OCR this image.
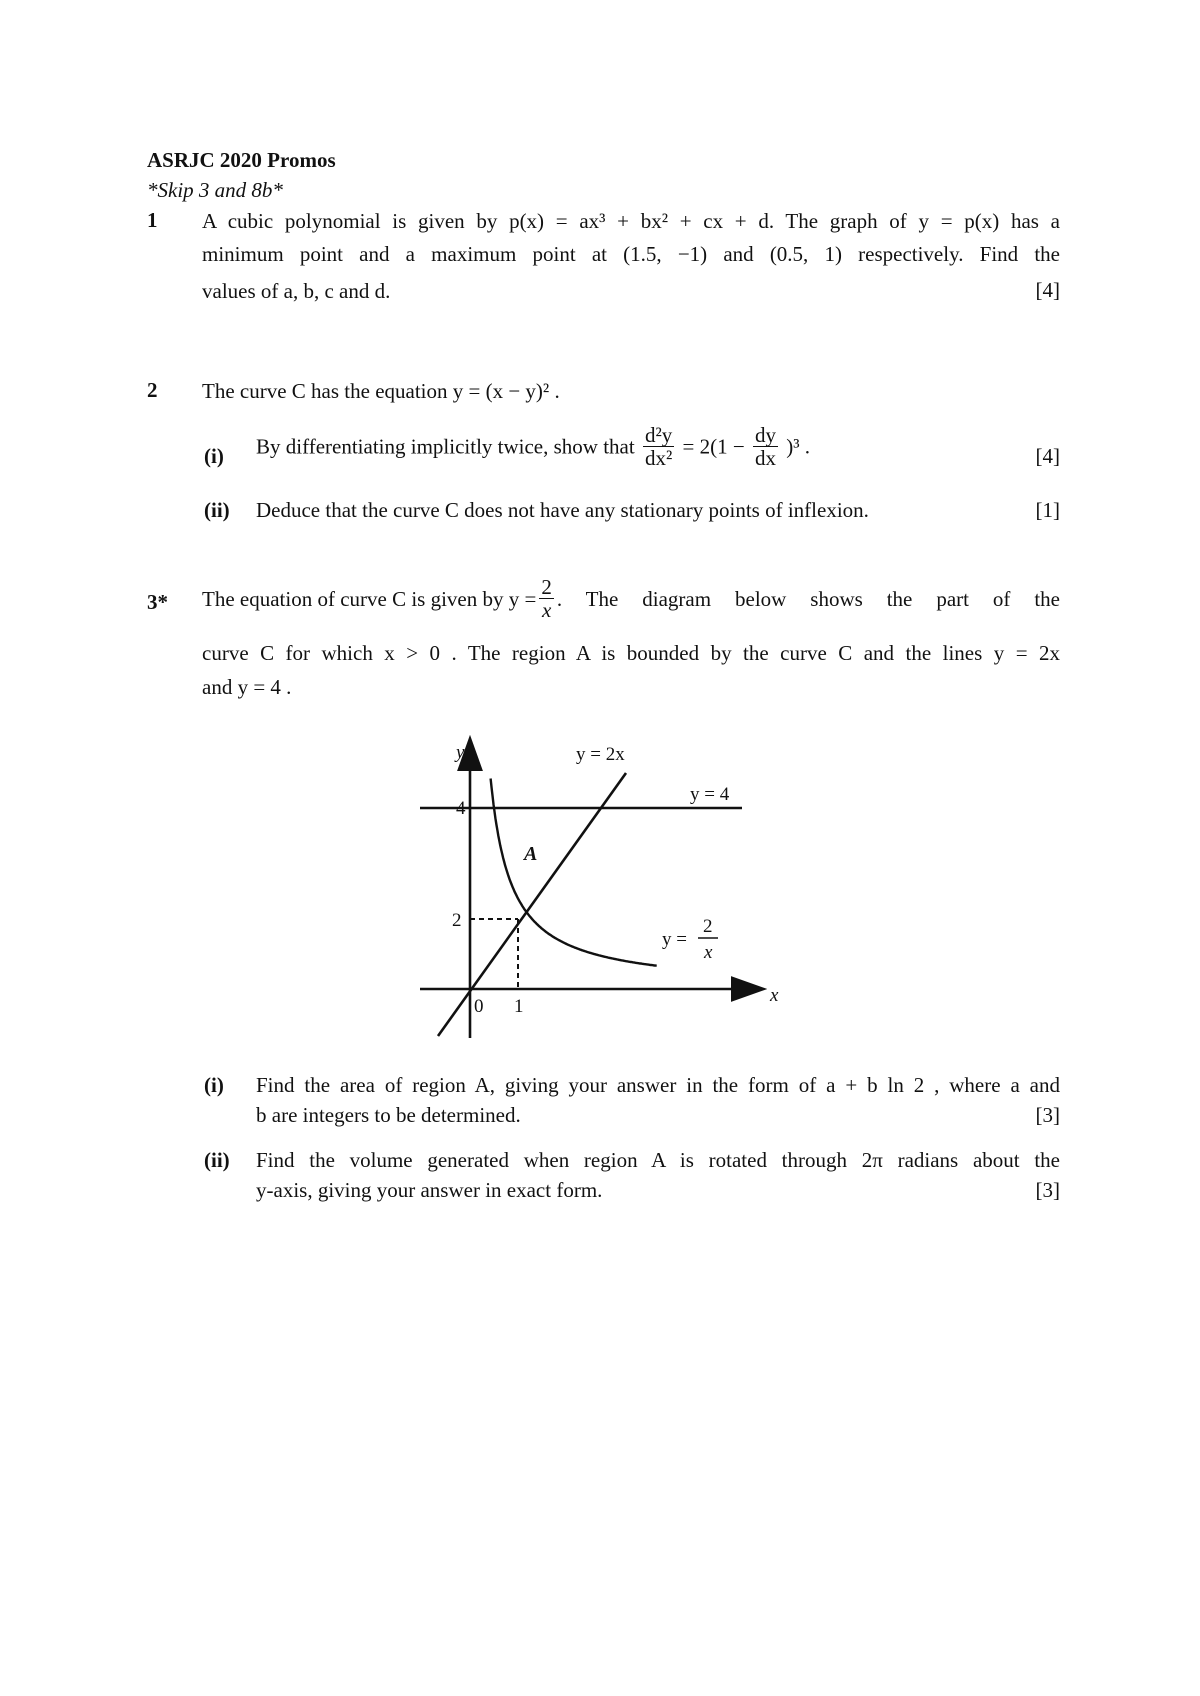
ASRJC 2020 Promos
*Skip 3 and 8b*
1 A cubic polynomial is given by p(x) = ax³ + bx² + cx + d. The graph of y = p(x) has a
minimum point and a maximum point at (1.5, −1) and (0.5, 1) respectively. Find the
values of a, b, c and d.	[4]
2 The curve C has the equation y = (x − y)² .
(i) By differentiating implicitly twice, show that $\frac{\text{d²y}}{\text{dx²}} = 2(1 - \frac{dy}{dx} )^3$ .	[4]
(ii) Deduce that the curve C does not have any stationary points of inflexion.	[1]
3* The equation of curve C is given by $y = \frac{2}{x}$ . The diagram below shows the part of the
curve C for which x > 0 . The region A is bounded by the curve C and the lines y = 2x
and y = 4 .
y
x
y = 2x
y = 4
A
4
2
0 1
y =
2
x
(i) Find the area of region A, giving your answer in the form of a + b ln 2 , where a and
b are integers to be determined.	[3]
(ii) Find the volume generated when region A is rotated through 2π radians about the
y-axis, giving your answer in exact form.	[3]
